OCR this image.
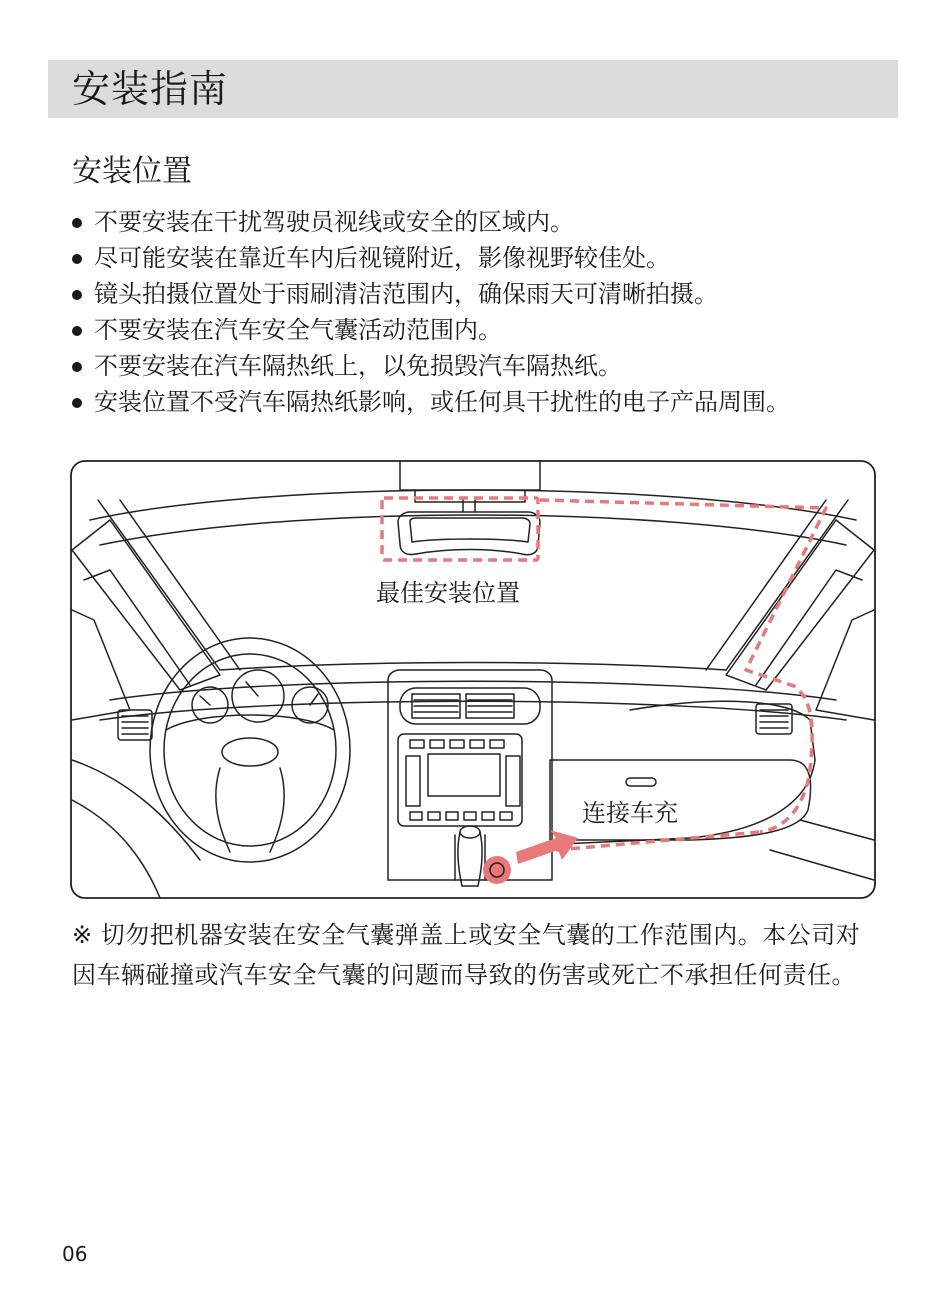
安装指南
安装位置
不要安装在干扰驾驶员视线或安全的区域内。
尽可能安装在靠近车内后视镜附近，影像视野较佳处。
镜头拍摄位置处于雨刷清洁范围内，确保雨天可清晰拍摄。
不要安装在汽车安全气囊活动范围内。
不要安装在汽车隔热纸上，以免损毁汽车隔热纸。
安装位置不受汽车隔热纸影响，或任何具干扰性的电子产品周围。
最佳安装位置
连接车充
※ 切勿把机器安装在安全气囊弹盖上或安全气囊的工作范围内。本公司对因车辆碰撞或汽车安全气囊的问题而导致的伤害或死亡不承担任何责任。
06
